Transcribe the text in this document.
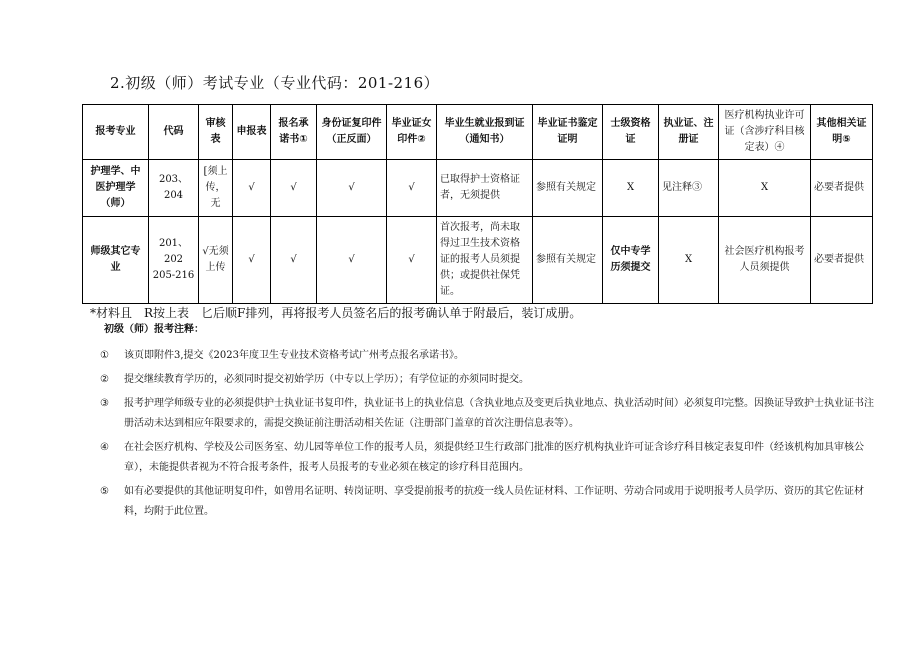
2.初级（师）考试专业（专业代码：201-216）
报考专业	代码	审核表	申报表	报名承诺书①	身份证复印件（正反面）	毕业证女印件②	毕业生就业报到证（通知书）	毕业证书鉴定证明	士级资格证	执业证、注册证	医疗机构执业许可证（含涉疗科目核定表）④	其他相关证明⑤
护理学、中医护理学（师）	203、204	[须上传，无	√	√	√	√	已取得护士资格证者，无须提供	参照有关规定	X	见注释③	X	必要者提供
师级其它专业	201、202 205-216	√无须上传	√	√	√	√	首次报考，尚未取得过卫生技术资格证的报考人员须提供；或提供社保凭证。	参照有关规定	仅中专学历须提交	X	社会医疗机构报考人员须提供	必要者提供
*材料且　R按上表　匕后顺F排列，再将报考人员签名后的报考确认单于附最后，装订成册。
初级（师）报考注释：
①	该页即附件3,提交《2023年度卫生专业技术资格考试广州考点报名承诺书》。
②	提交继续教育学历的，必须同时提交初始学历（中专以上学历）；有学位证的亦须同时提交。
③	报考护理学师级专业的必须提供护士执业证书复印件，执业证书上的执业信息（含执业地点及变更后执业地点、执业活动时间）必须复印完整。因换证导致护士执业证书注册活动未达到相应年限要求的，需提交换证前注册活动相关佐证（注册部门盖章的首次注册信息表等）。
④	在社会医疗机构、学校及公司医务室、幼儿园等单位工作的报考人员，须提供经卫生行政部门批准的医疗机构执业许可证含诊疗科目核定表复印件（经该机构加具审核公章），未能提供者视为不符合报考条件，报考人员报考的专业必须在核定的诊疗科目范围内。
⑤	如有必要提供的其他证明复印件，如曾用名证明、转岗证明、享受提前报考的抗疫一线人员佐证材料、工作证明、劳动合同或用于说明报考人员学历、资历的其它佐证材料，均附于此位置。
